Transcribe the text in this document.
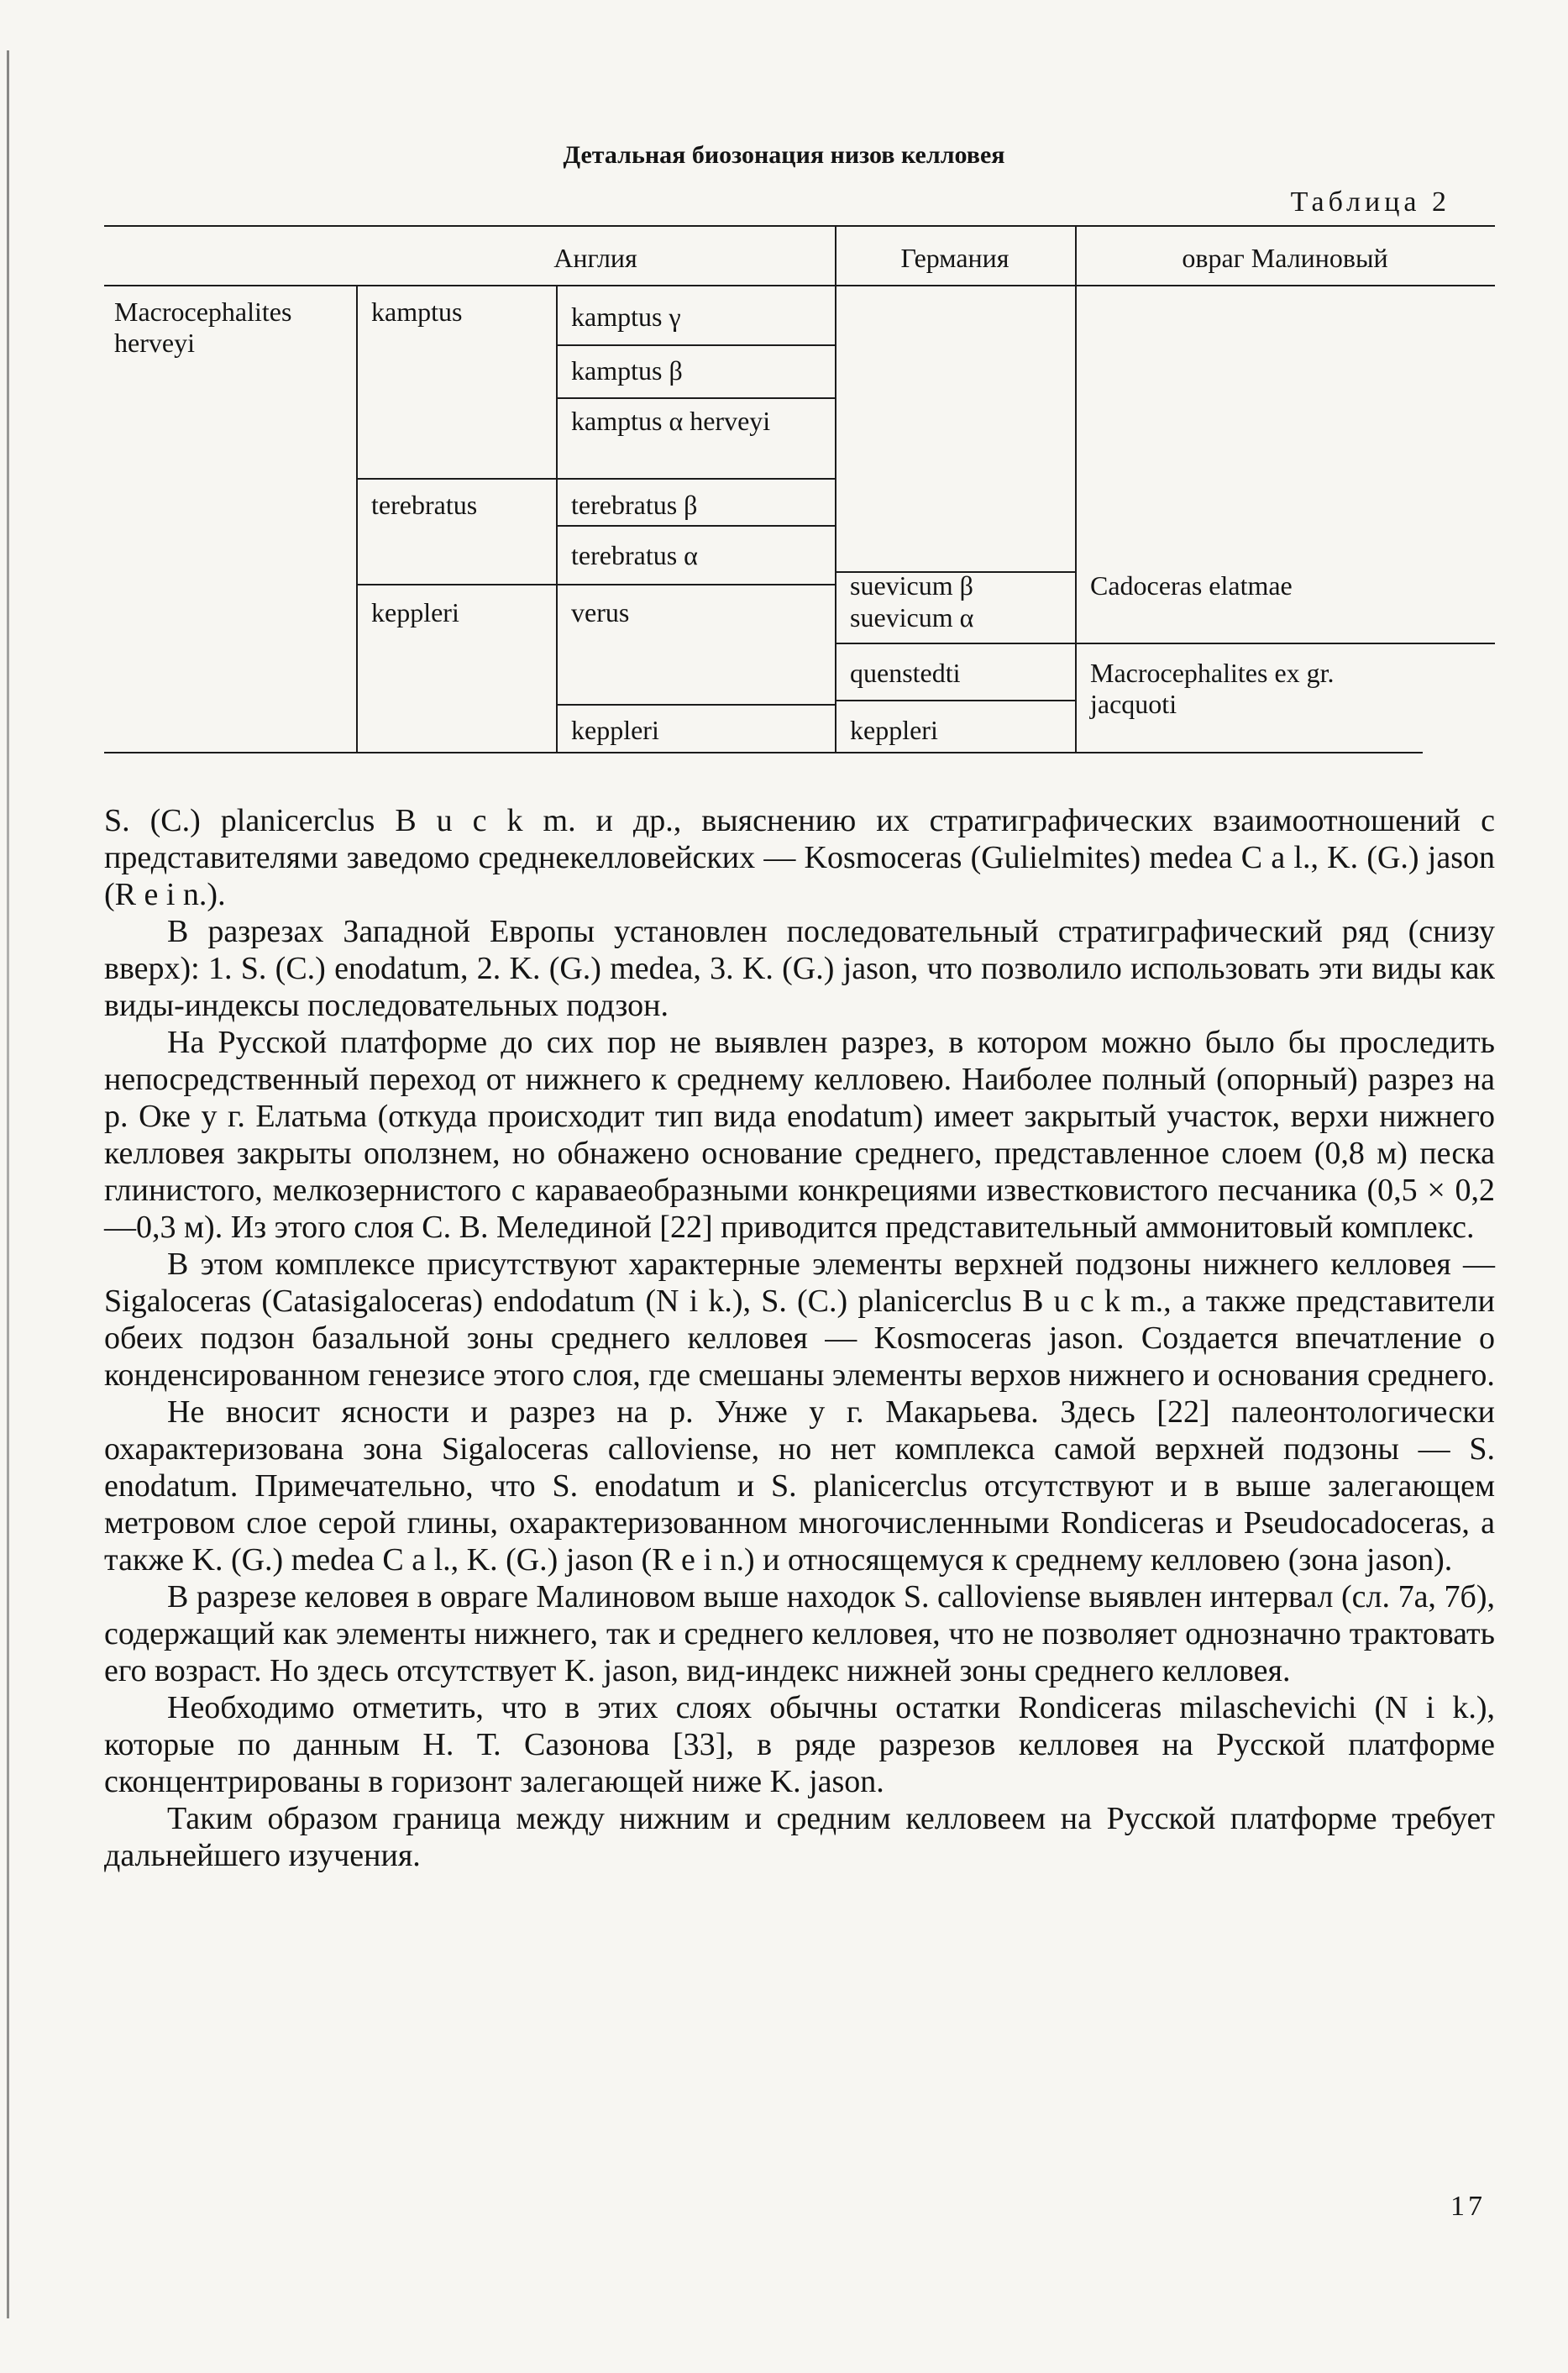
Детальная биозонация низов келловея
Таблица 2
Англия	Германия	овраг Малиновый
Macrocephalites herveyi
kamptus
terebratus
keppleri
kamptus γ
kamptus β
kamptus α herveyi
terebratus β
terebratus α
verus
keppleri
suevicum β
suevicum α
quenstedti
keppleri
Cadoceras elatmae
Macrocephalites ex gr. jacquoti

S. (C.) planicerclus B u c k m. и др., выяснению их стратиграфических взаимоотношений с представителями заведомо среднекелловейских — Kosmoceras (Gulielmites) medea C a l., K. (G.) jason (R e i n.).

В разрезах Западной Европы установлен последовательный стратиграфический ряд (снизу вверх): 1. S. (C.) enodatum, 2. K. (G.) medea, 3. K. (G.) jason, что позволило использовать эти виды как виды-индексы последовательных подзон.

На Русской платформе до сих пор не выявлен разрез, в котором можно было бы проследить непосредственный переход от нижнего к среднему келловею. Наиболее полный (опорный) разрез на р. Оке у г. Елатьма (откуда происходит тип вида enodatum) имеет закрытый участок, верхи нижнего келловея закрыты оползнем, но обнажено основание среднего, представленное слоем (0,8 м) песка глинистого, мелкозернистого с караваеобразными конкрециями известковистого песчаника (0,5 × 0,2—0,3 м). Из этого слоя С. В. Мелединой [22] приводится представительный аммонитовый комплекс.

В этом комплексе присутствуют характерные элементы верхней подзоны нижнего келловея — Sigaloceras (Catasigaloceras) endodatum (N i k.), S. (C.) planicerclus B u c k m., а также представители обеих подзон базальной зоны среднего келловея — Kosmoceras jason. Создается впечатление о конденсированном генезисе этого слоя, где смешаны элементы верхов нижнего и основания среднего.

Не вносит ясности и разрез на р. Унже у г. Макарьева. Здесь [22] палеонтологически охарактеризована зона Sigaloceras calloviense, но нет комплекса самой верхней подзоны — S. enodatum. Примечательно, что S. enodatum и S. planicerclus отсутствуют и в выше залегающем метровом слое серой глины, охарактеризованном многочисленными Rondiceras и Pseudocadoceras, а также K. (G.) medea C a l., K. (G.) jason (R e i n.) и относящемуся к среднему келловею (зона jason).

В разрезе келовея в овраге Малиновом выше находок S. calloviense выявлен интервал (сл. 7а, 7б), содержащий как элементы нижнего, так и среднего келловея, что не позволяет однозначно трактовать его возраст. Но здесь отсутствует K. jason, вид-индекс нижней зоны среднего келловея.

Необходимо отметить, что в этих слоях обычны остатки Rondiceras milaschevichi (N i k.), которые по данным Н. Т. Сазонова [33], в ряде разрезов келловея на Русской платформе сконцентрированы в горизонт залегающей ниже K. jason.

Таким образом граница между нижним и средним келловеем на Русской платформе требует дальнейшего изучения.

17
